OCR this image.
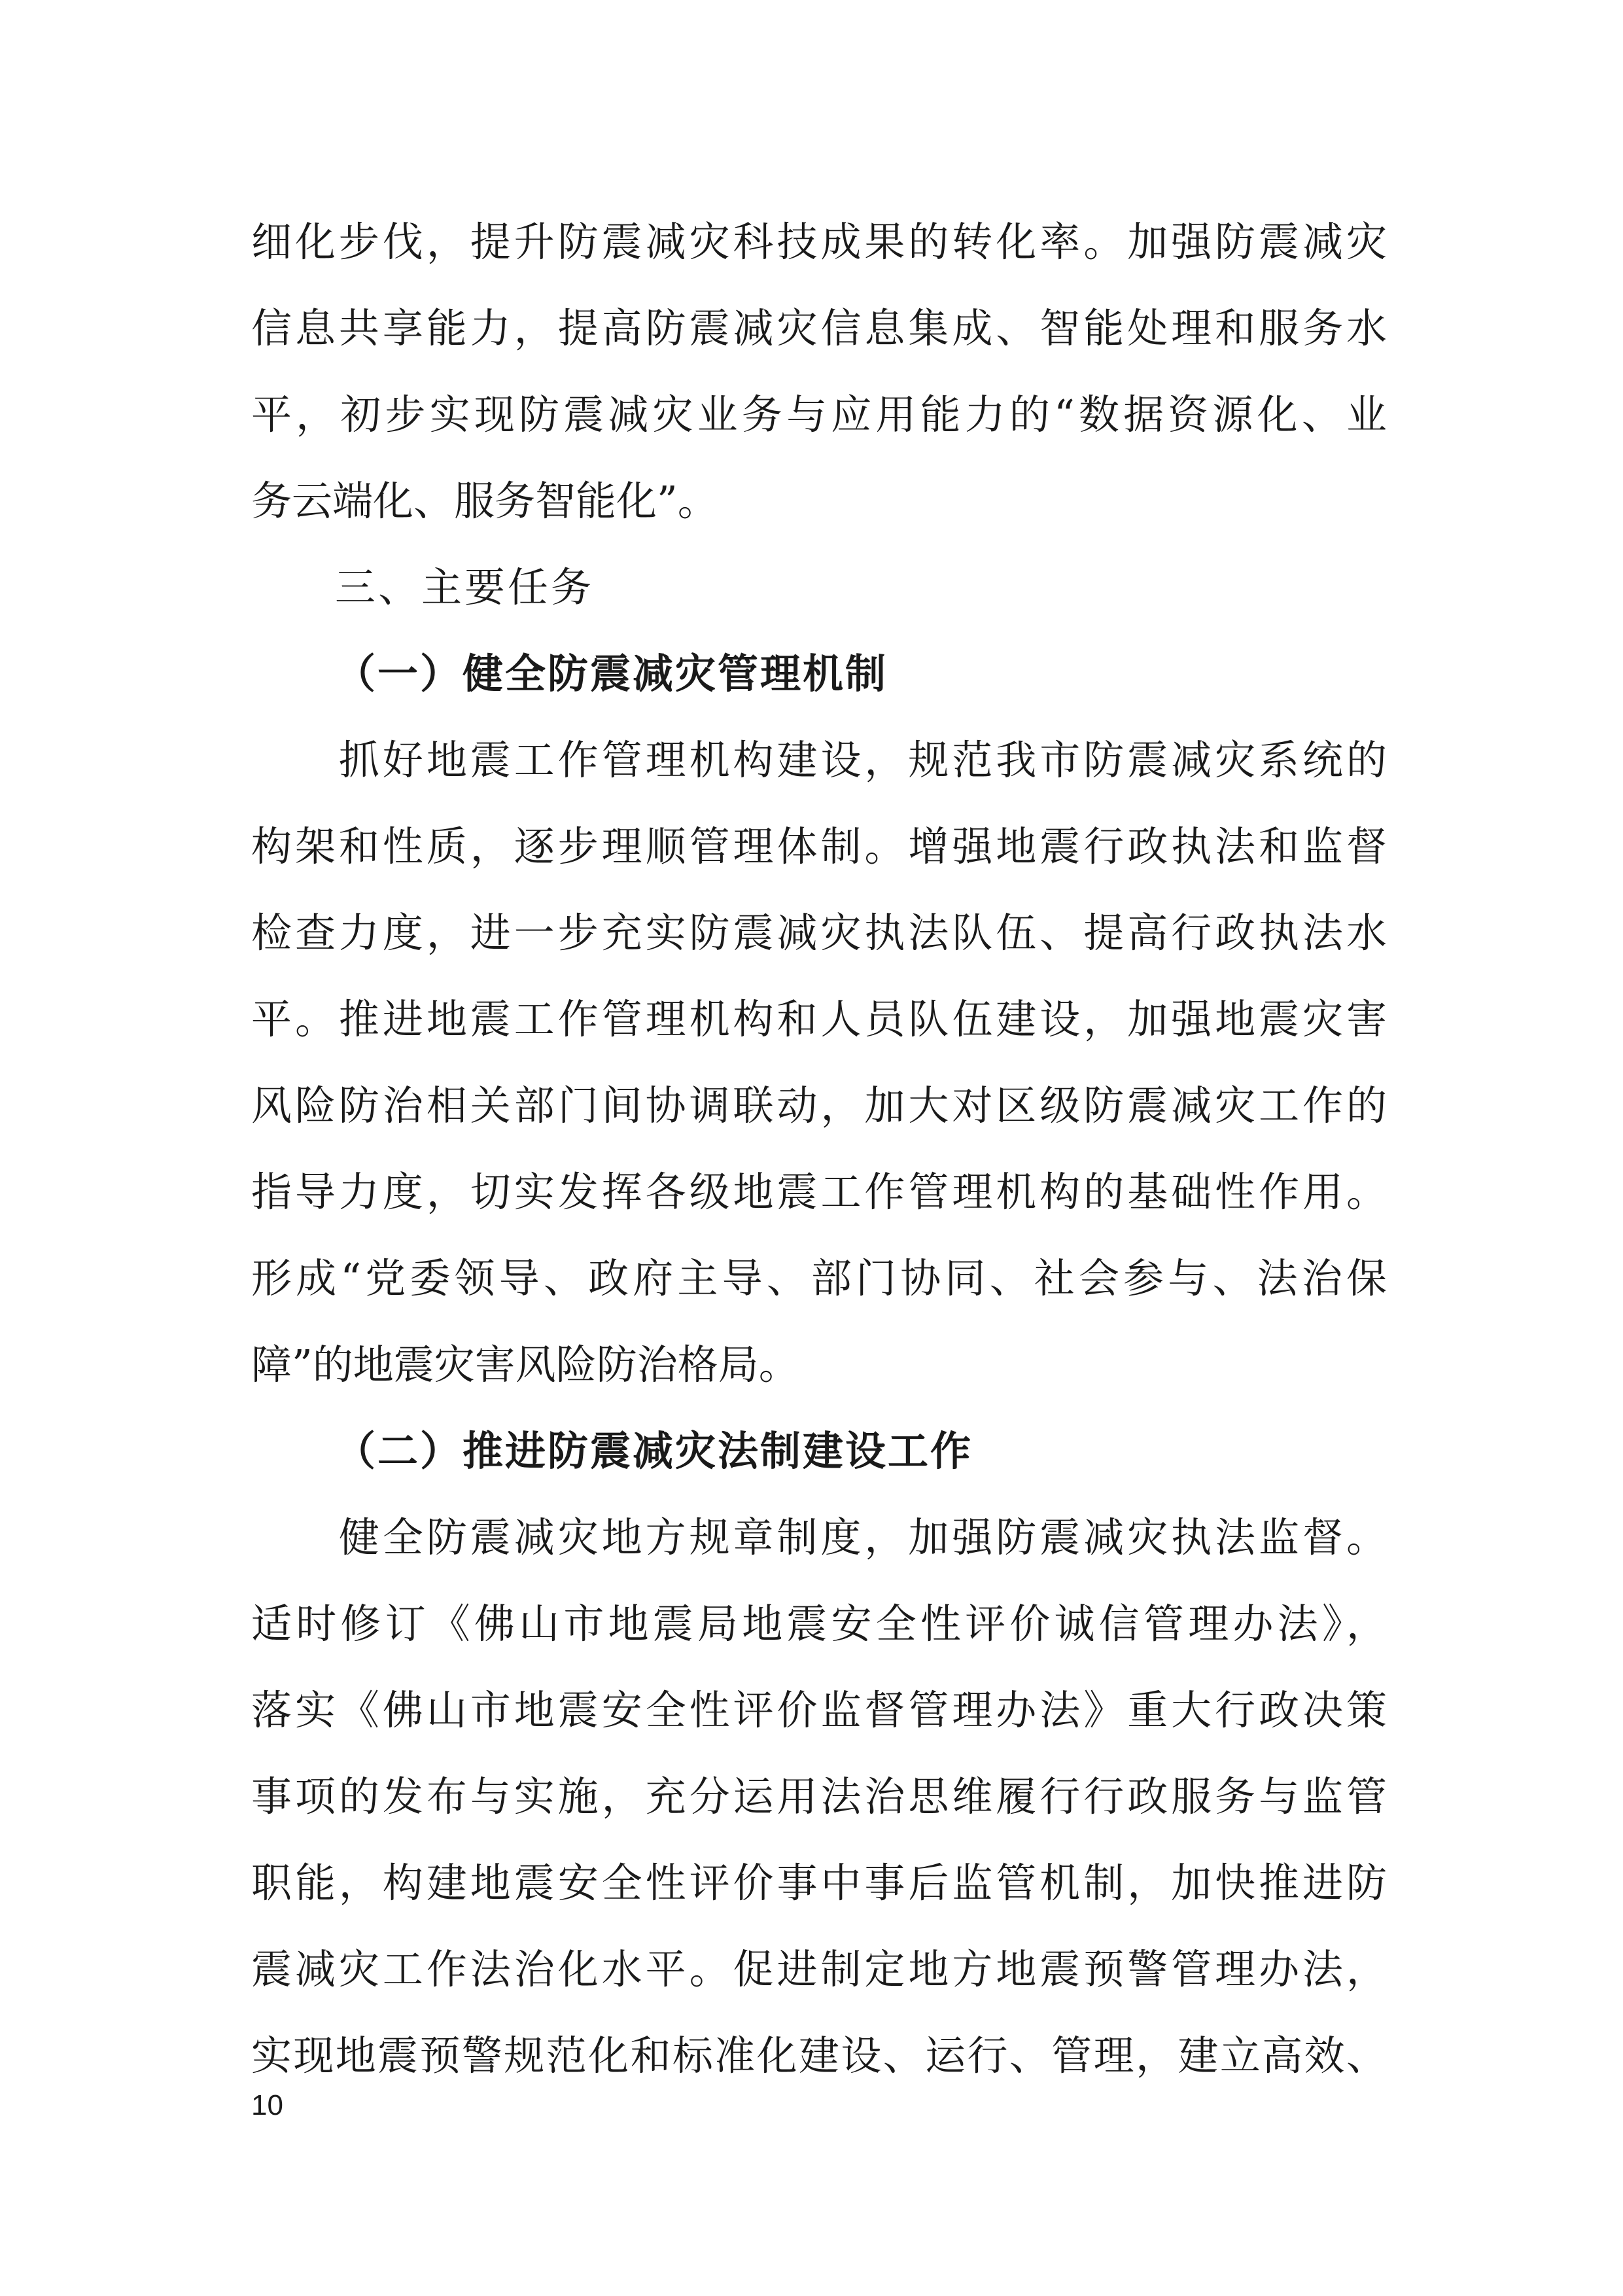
细化步伐，提升防震减灾科技成果的转化率。加强防震减灾
信息共享能力，提高防震减灾信息集成、智能处理和服务水
平，初步实现防震减灾业务与应用能力的“数据资源化、业
务云端化、服务智能化”。
三、主要任务
（一）健全防震减灾管理机制
　　抓好地震工作管理机构建设，规范我市防震减灾系统的
构架和性质，逐步理顺管理体制。增强地震行政执法和监督
检查力度，进一步充实防震减灾执法队伍、提高行政执法水
平。推进地震工作管理机构和人员队伍建设，加强地震灾害
风险防治相关部门间协调联动，加大对区级防震减灾工作的
指导力度，切实发挥各级地震工作管理机构的基础性作用。
形成“党委领导、政府主导、部门协同、社会参与、法治保
障”的地震灾害风险防治格局。
（二）推进防震减灾法制建设工作
　　健全防震减灾地方规章制度，加强防震减灾执法监督。
适时修订《佛山市地震局地震安全性评价诚信管理办法》，
落实《佛山市地震安全性评价监督管理办法》重大行政决策
事项的发布与实施，充分运用法治思维履行行政服务与监管
职能，构建地震安全性评价事中事后监管机制，加快推进防
震减灾工作法治化水平。促进制定地方地震预警管理办法，
实现地震预警规范化和标准化建设、运行、管理，建立高效、
10
